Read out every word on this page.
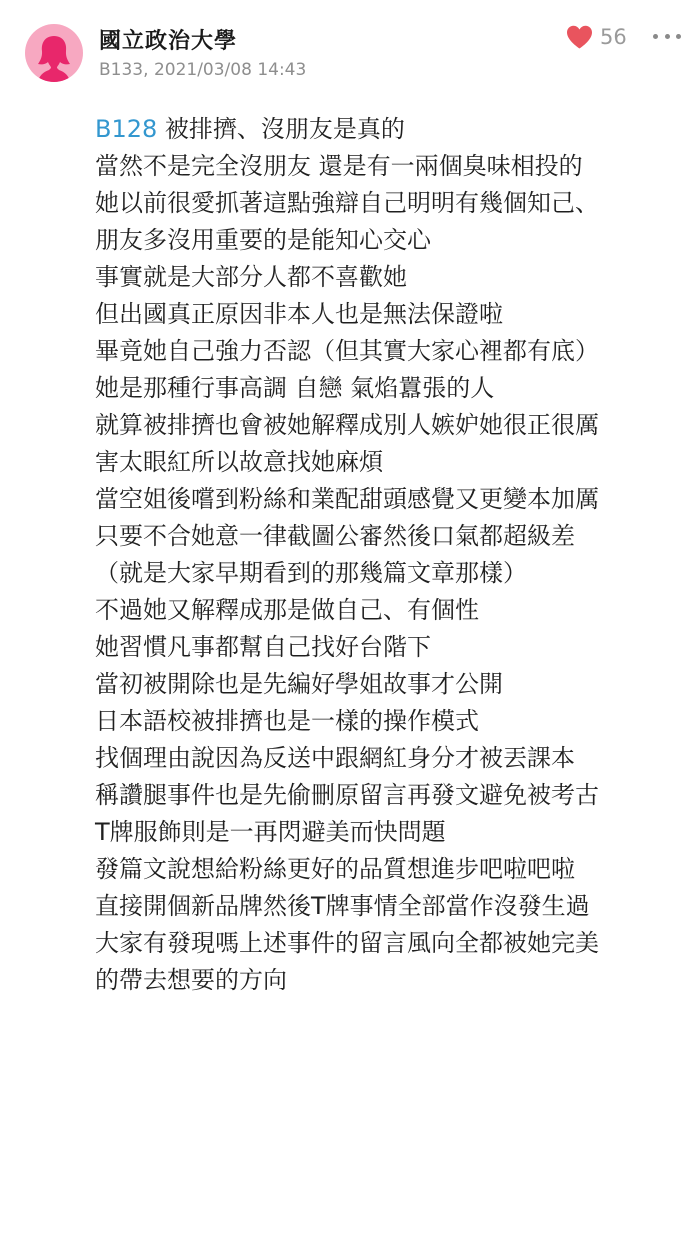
國立政治大學
B133, 2021/03/08 14:43
56
B128 被排擠、沒朋友是真的
當然不是完全沒朋友 還是有一兩個臭味相投的
她以前很愛抓著這點強辯自己明明有幾個知己、
朋友多沒用重要的是能知心交心
事實就是大部分人都不喜歡她
但出國真正原因非本人也是無法保證啦
畢竟她自己強力否認（但其實大家心裡都有底）
她是那種行事高調 自戀 氣焰囂張的人
就算被排擠也會被她解釋成別人嫉妒她很正很厲
害太眼紅所以故意找她麻煩
當空姐後嚐到粉絲和業配甜頭感覺又更變本加厲
只要不合她意一律截圖公審然後口氣都超級差
（就是大家早期看到的那幾篇文章那樣）
不過她又解釋成那是做自己、有個性
她習慣凡事都幫自己找好台階下
當初被開除也是先編好學姐故事才公開
日本語校被排擠也是一樣的操作模式
找個理由說因為反送中跟網紅身分才被丟課本
稱讚腿事件也是先偷刪原留言再發文避免被考古
T牌服飾則是一再閃避美而快問題
發篇文說想給粉絲更好的品質想進步吧啦吧啦
直接開個新品牌然後T牌事情全部當作沒發生過
大家有發現嗎上述事件的留言風向全都被她完美
的帶去想要的方向
